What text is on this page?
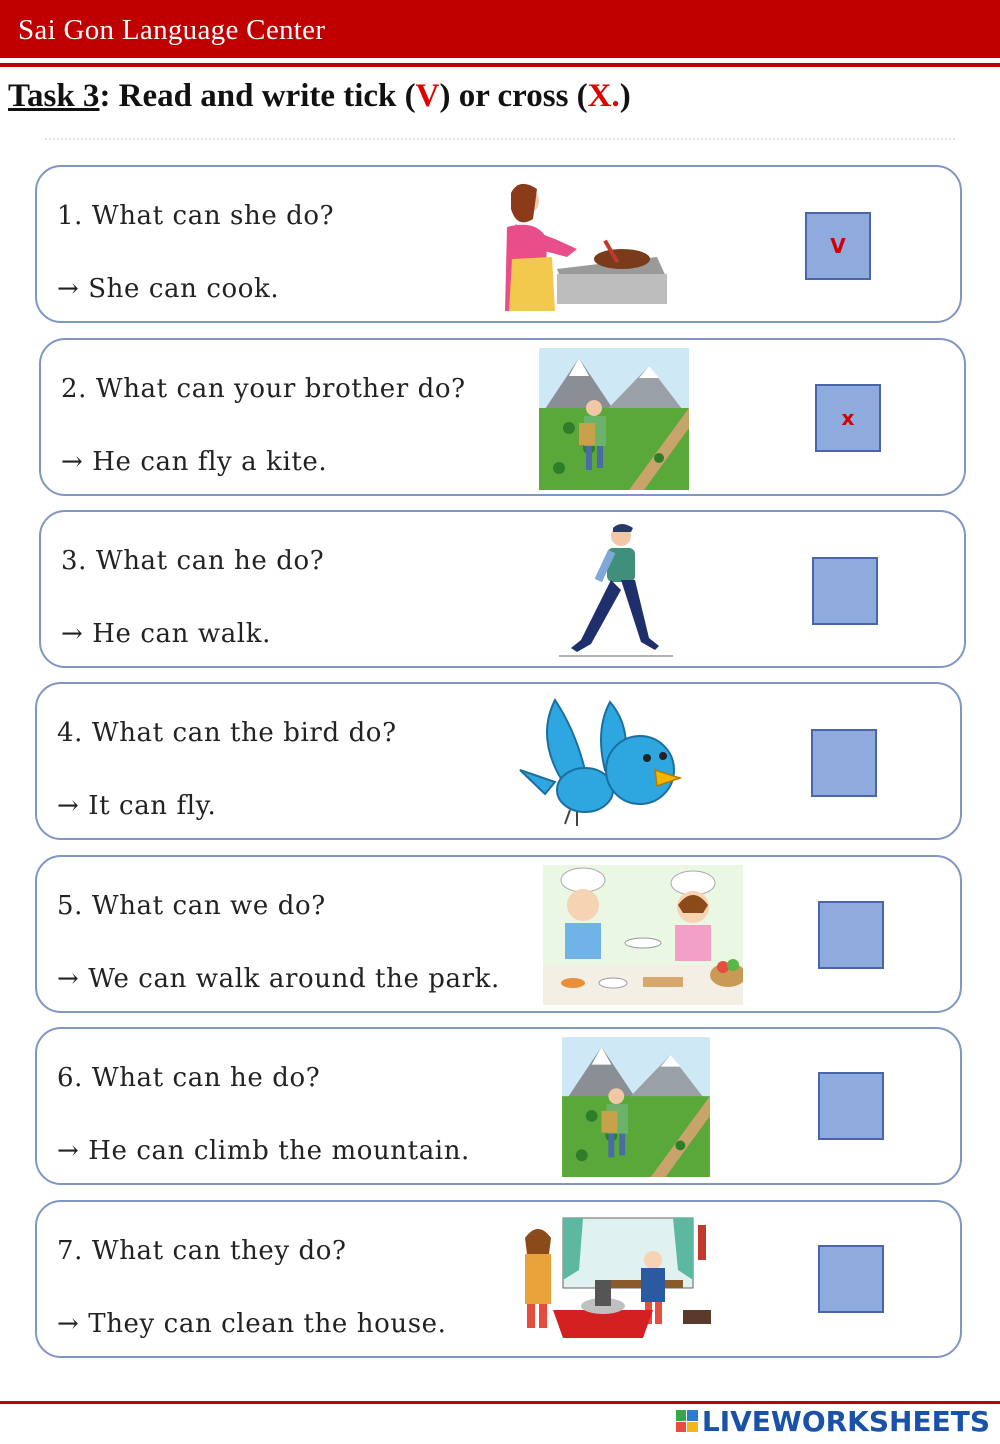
Sai Gon Language Center
Task 3: Read and write tick (V) or cross (X.)
1. What can she do?
→ She can cook.
V
2. What can your brother do?
→ He can fly a kite.
x
3. What can he do?
→ He can walk.
4. What can the bird do?
→ It can fly.
5. What can we do?
→ We can walk around the park.
6. What can he do?
→ He can climb the mountain.
7. What can they do?
→ They can clean the house.
LIVEWORKSHEETS
